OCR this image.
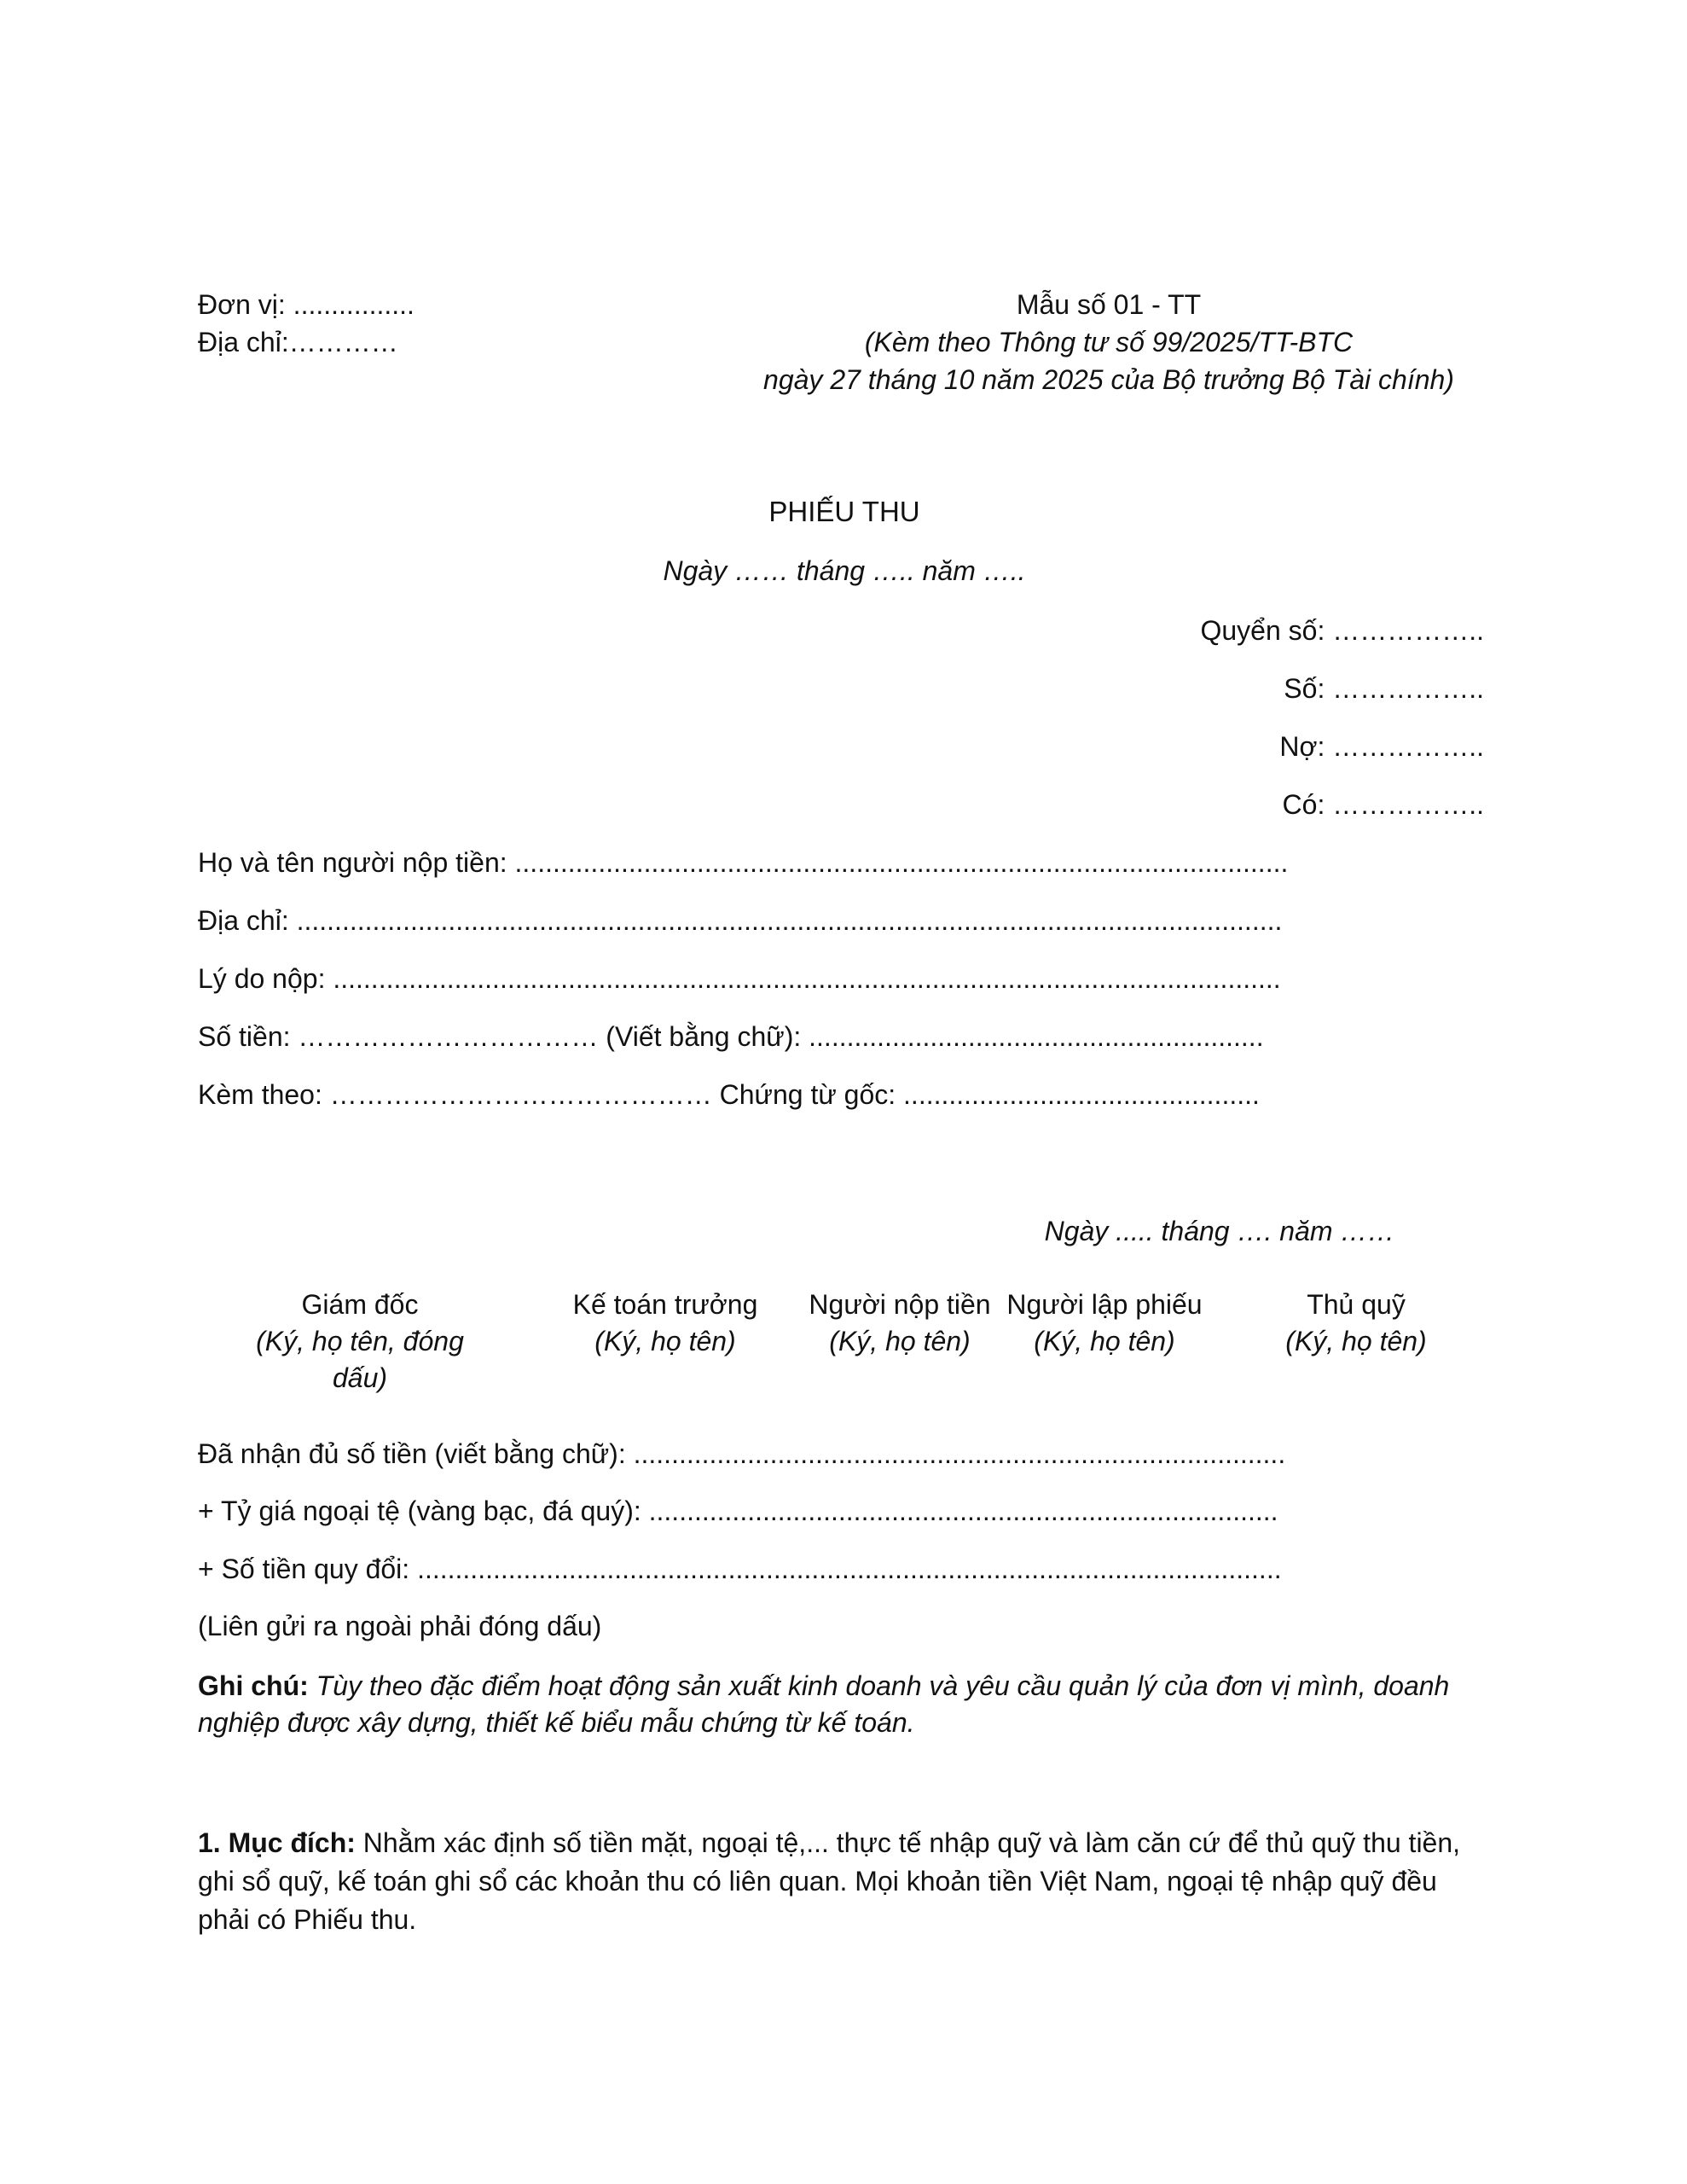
Đơn vị: ................
Địa chỉ:…………
Mẫu số 01 - TT
(Kèm theo Thông tư số 99/2025/TT-BTC
ngày 27 tháng 10 năm 2025 của Bộ trưởng Bộ Tài chính)
PHIẾU THU
Ngày …… tháng ….. năm …..
Quyển số: ……………..
Số: ……………..
Nợ: ……………..
Có: ……………..
Họ và tên người nộp tiền: ......................................................................................................
Địa chỉ: ..................................................................................................................................
Lý do nộp: .............................................................................................................................
Số tiền: …………………………… (Viết bằng chữ): ............................................................
Kèm theo: …………………………………… Chứng từ gốc: ...............................................
Ngày ..... tháng …. năm ……
Giám đốc
(Ký, họ tên, đóng dấu)
Kế toán trưởng
(Ký, họ tên)
Người nộp tiền
(Ký, họ tên)
Người lập phiếu
(Ký, họ tên)
Thủ quỹ
(Ký, họ tên)
Đã nhận đủ số tiền (viết bằng chữ): ......................................................................................
+ Tỷ giá ngoại tệ (vàng bạc, đá quý): ...................................................................................
+ Số tiền quy đổi: ..................................................................................................................
(Liên gửi ra ngoài phải đóng dấu)
Ghi chú: Tùy theo đặc điểm hoạt động sản xuất kinh doanh và yêu cầu quản lý của đơn vị mình, doanh nghiệp được xây dựng, thiết kế biểu mẫu chứng từ kế toán.
1. Mục đích: Nhằm xác định số tiền mặt, ngoại tệ,... thực tế nhập quỹ và làm căn cứ để thủ quỹ thu tiền, ghi sổ quỹ, kế toán ghi sổ các khoản thu có liên quan. Mọi khoản tiền Việt Nam, ngoại tệ nhập quỹ đều phải có Phiếu thu.
